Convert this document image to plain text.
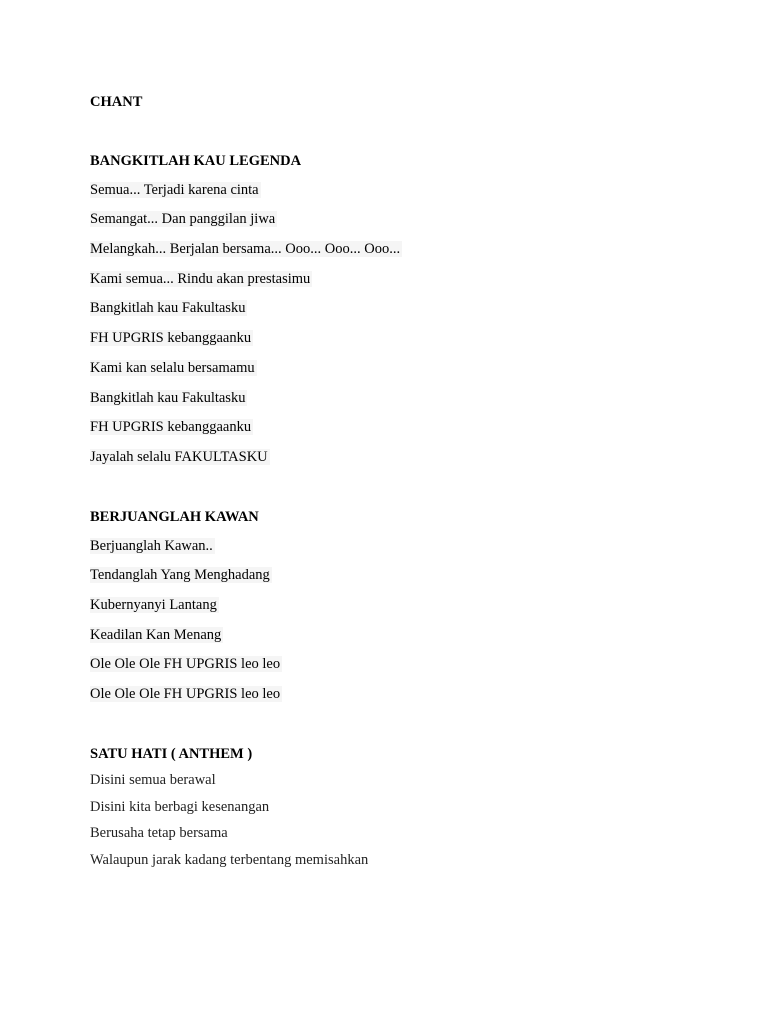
CHANT
BANGKITLAH KAU LEGENDA
Semua... Terjadi karena cinta
Semangat... Dan panggilan jiwa
Melangkah... Berjalan bersama... Ooo... Ooo... Ooo...
Kami semua... Rindu akan prestasimu
Bangkitlah kau Fakultasku
FH UPGRIS kebanggaanku
Kami kan selalu bersamamu
Bangkitlah kau Fakultasku
FH UPGRIS kebanggaanku
Jayalah selalu FAKULTASKU
BERJUANGLAH KAWAN
Berjuanglah Kawan..
Tendanglah Yang Menghadang
Kubernyanyi Lantang
Keadilan Kan Menang
Ole Ole Ole FH UPGRIS leo leo
Ole Ole Ole FH UPGRIS leo leo
SATU HATI ( ANTHEM )
Disini semua berawal
Disini kita berbagi kesenangan
Berusaha tetap bersama
Walaupun jarak kadang terbentang memisahkan
